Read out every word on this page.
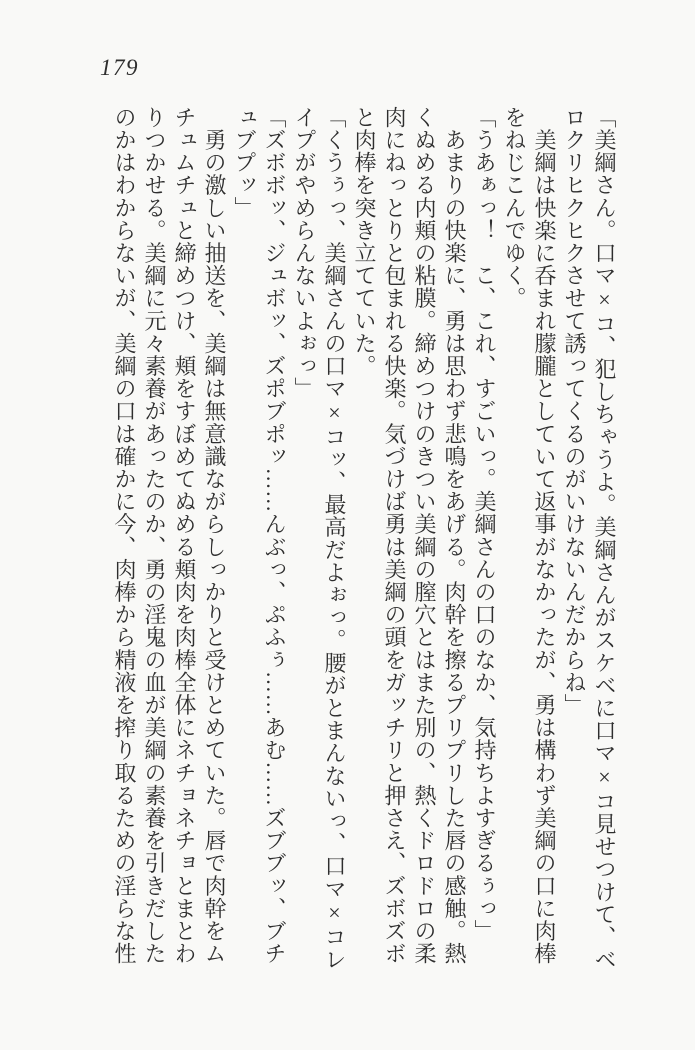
179
「美綱さん。口マ×コ、犯しちゃうよ。美綱さんがスケベに口マ×コ見せつけて、ベ
ロクリヒクヒクさせて誘ってくるのがいけないんだからね」
　美綱は快楽に呑まれ朦朧としていて返事がなかったが、勇は構わず美綱の口に肉棒
をねじこんでゆく。
「うあぁっ！　こ、これ、すごいっ。美綱さんの口のなか、気持ちよすぎるぅっ」
　あまりの快楽に、勇は思わず悲鳴をあげる。肉幹を擦るプリプリした唇の感触。熱
くぬめる内頬の粘膜。締めつけのきつい美綱の膣穴とはまた別の、熱くドロドロの柔
肉にねっとりと包まれる快楽。気づけば勇は美綱の頭をガッチリと押さえ、ズボズボ
と肉棒を突き立てていた。
「くうぅっ、美綱さんの口マ×コッ、最高だよぉっ。腰がとまんないっ、口マ×コレ
イプがやめらんないよぉっ」
「ズボボッ、ジュボッ、ズポブポッ……んぶっ、ぷふぅ……あむ……ズブブッ、ブチ
ュブプッ」
　勇の激しい抽送を、美綱は無意識ながらしっかりと受けとめていた。唇で肉幹をム
チュムチュと締めつけ、頬をすぼめてぬめる頬肉を肉棒全体にネチョネチョとまとわ
りつかせる。美綱に元々素養があったのか、勇の淫鬼の血が美綱の素養を引きだした
のかはわからないが、美綱の口は確かに今、肉棒から精液を搾り取るための淫らな性
